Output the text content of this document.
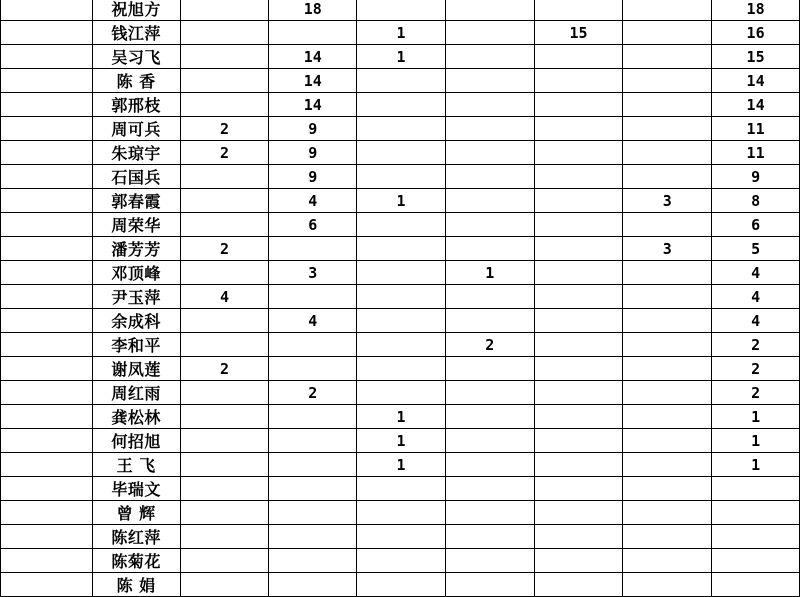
	祝旭方		18					18
	钱江萍			1		15		16
	吴习飞		14	1				15
	陈 香		14					14
	郭邢枝		14					14
	周可兵	2	9					11
	朱琼宇	2	9					11
	石国兵		9					9
	郭春霞		4	1			3	8
	周荣华		6					6
	潘芳芳	2					3	5
	邓顶峰		3		1			4
	尹玉萍	4						4
	余成科		4					4
	李和平				2			2
	谢凤莲	2						2
	周红雨		2					2
	龚松林			1				1
	何招旭			1				1
	王 飞			1				1
	毕瑞文							
	曾 辉							
	陈红萍							
	陈菊花							
	陈 娟							
